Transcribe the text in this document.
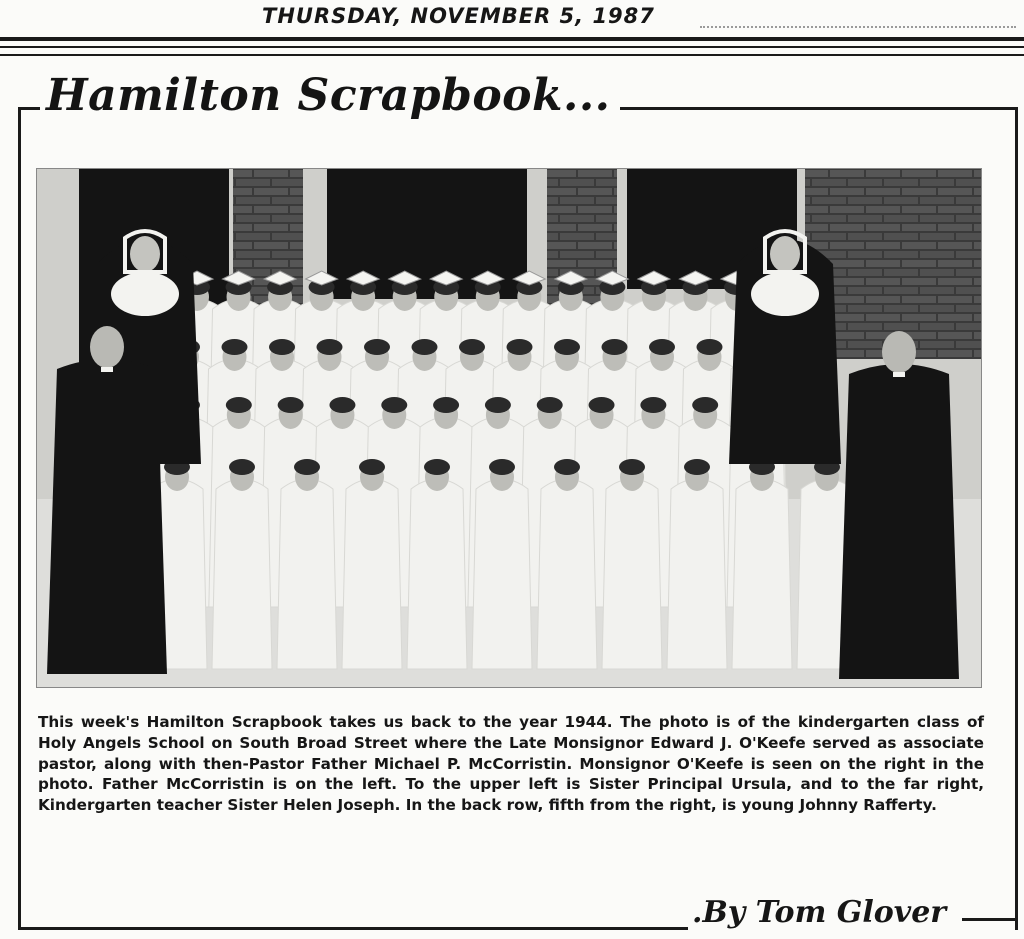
THURSDAY, NOVEMBER 5, 1987
Hamilton Scrapbook...

This week's Hamilton Scrapbook takes us back to the year 1944. The photo is of the kindergarten class of Holy Angels School on South Broad Street where the Late Monsignor Edward J. O'Keefe served as associate pastor, along with then-Pastor Father Michael P. McCorristin. Monsignor O'Keefe is seen on the right in the photo. Father McCorristin is on the left. To the upper left is Sister Principal Ursula, and to the far right, Kindergarten teacher Sister Helen Joseph. In the back row, fifth from the right, is young Johnny Rafferty.

.By Tom Glover
